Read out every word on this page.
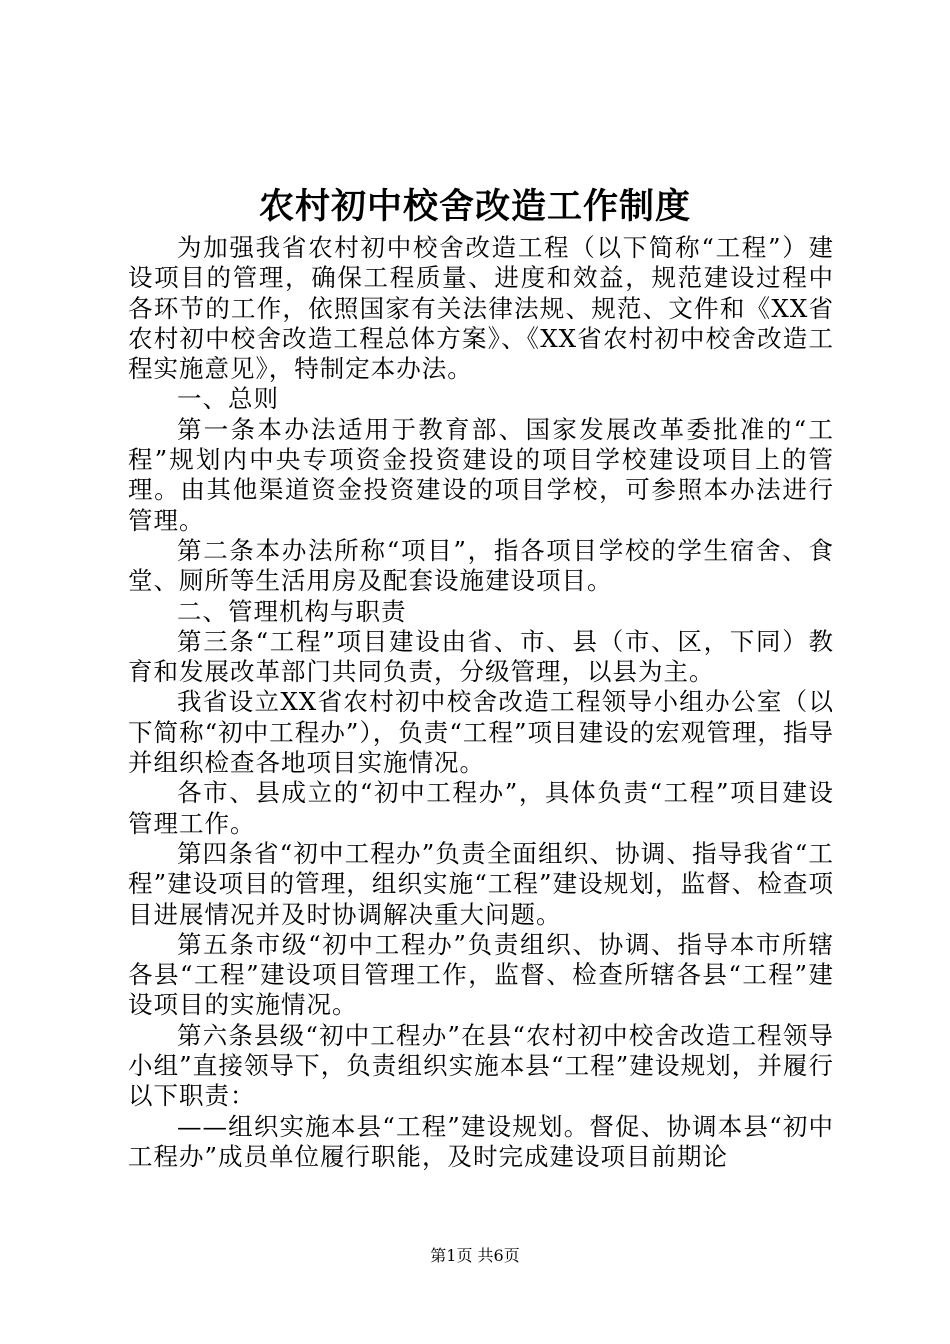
农村初中校舍改造工作制度

为加强我省农村初中校舍改造工程（以下简称“工程”）建设项目的管理，确保工程质量、进度和效益，规范建设过程中各环节的工作，依照国家有关法律法规、规范、文件和《XX省农村初中校舍改造工程总体方案》、《XX省农村初中校舍改造工程实施意见》，特制定本办法。

一、总则

第一条本办法适用于教育部、国家发展改革委批准的“工程”规划内中央专项资金投资建设的项目学校建设项目上的管理。由其他渠道资金投资建设的项目学校，可参照本办法进行管理。

第二条本办法所称“项目”，指各项目学校的学生宿舍、食堂、厕所等生活用房及配套设施建设项目。

二、管理机构与职责

第三条“工程”项目建设由省、市、县（市、区，下同）教育和发展改革部门共同负责，分级管理，以县为主。

我省设立XX省农村初中校舍改造工程领导小组办公室（以下简称“初中工程办”），负责“工程”项目建设的宏观管理，指导并组织检查各地项目实施情况。

各市、县成立的“初中工程办”，具体负责“工程”项目建设管理工作。

第四条省“初中工程办”负责全面组织、协调、指导我省“工程”建设项目的管理，组织实施“工程”建设规划，监督、检查项目进展情况并及时协调解决重大问题。

第五条市级“初中工程办”负责组织、协调、指导本市所辖各县“工程”建设项目管理工作，监督、检查所辖各县“工程”建设项目的实施情况。

第六条县级“初中工程办”在县“农村初中校舍改造工程领导小组”直接领导下，负责组织实施本县“工程”建设规划，并履行以下职责：

——组织实施本县“工程”建设规划。督促、协调本县“初中工程办”成员单位履行职能，及时完成建设项目前期论

第1页 共6页
